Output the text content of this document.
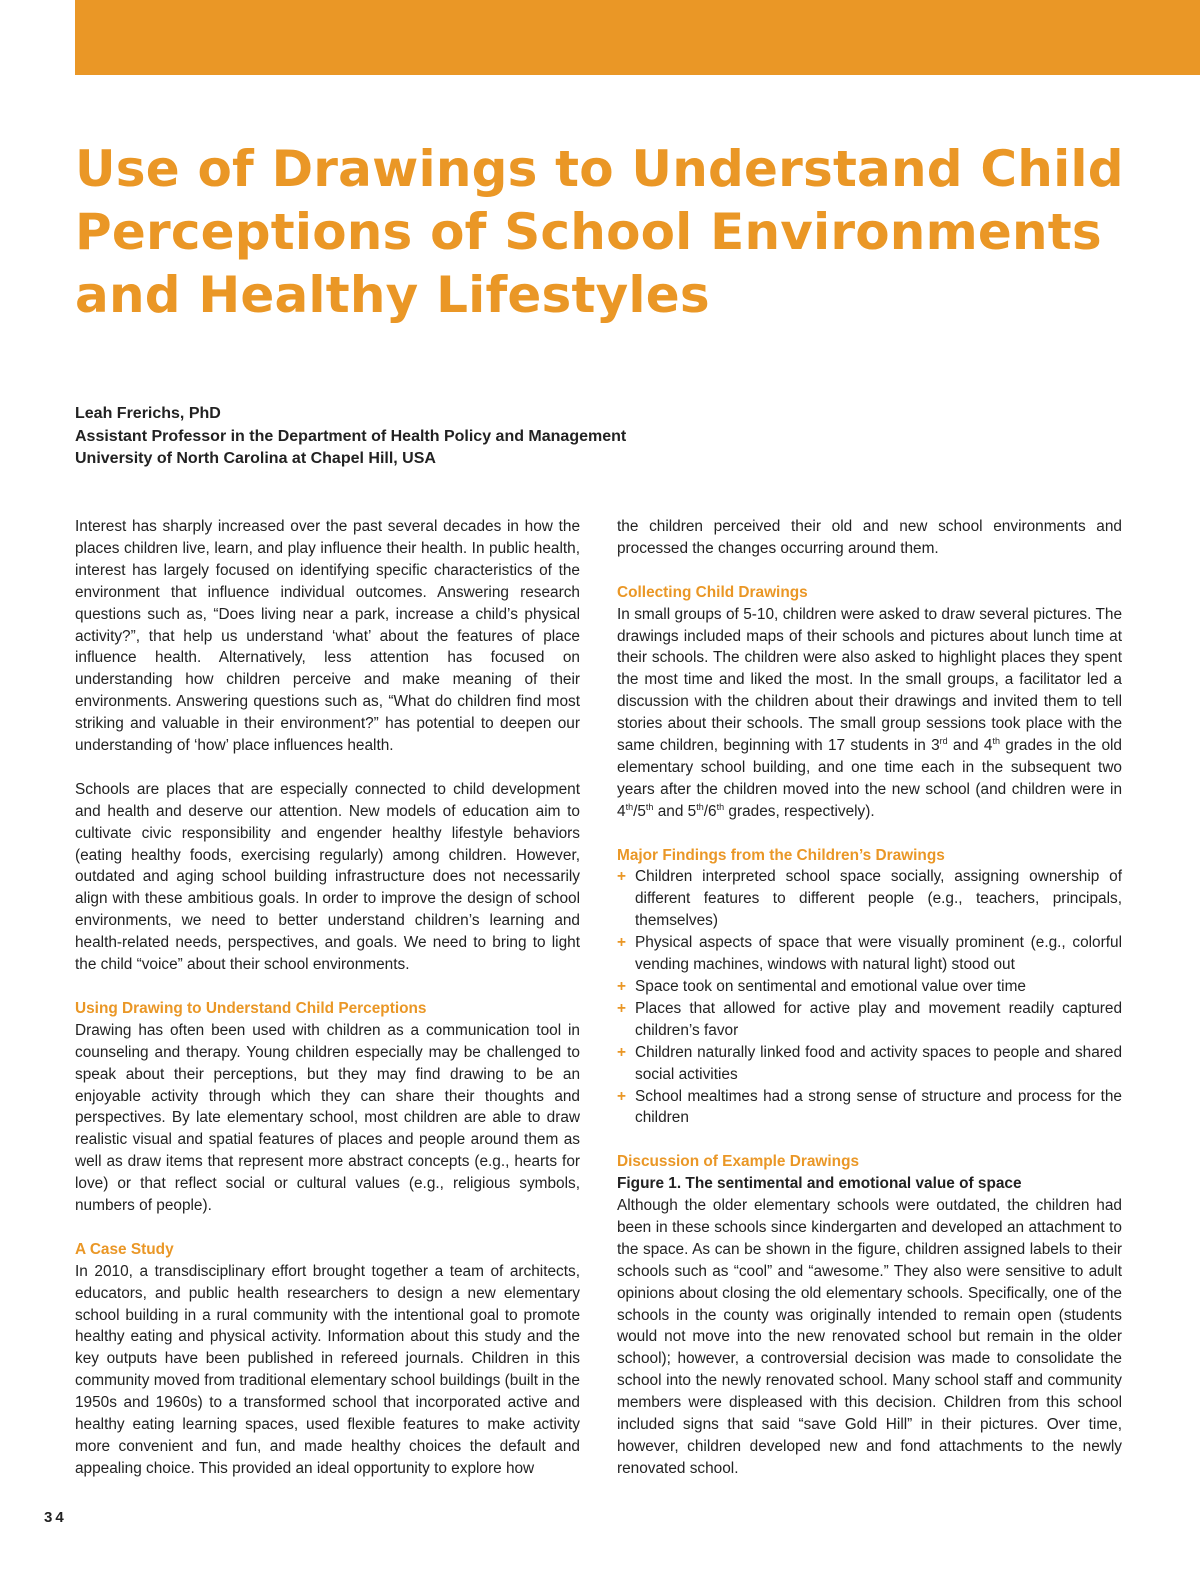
Use of Drawings to Understand Child
Perceptions of School Environments
and Healthy Lifestyles
Leah Frerichs, PhD
Assistant Professor in the Department of Health Policy and Management
University of North Carolina at Chapel Hill, USA

Interest has sharply increased over the past several decades in how the places children live, learn, and play influence their health. In public health, interest has largely focused on identifying specific characteristics of the environment that influence individual outcomes. Answering research questions such as, “Does living near a park, increase a child’s physical activity?”, that help us understand ‘what’ about the features of place influence health. Alternatively, less attention has focused on understanding how children perceive and make meaning of their environments. Answering questions such as, “What do children find most striking and valuable in their environment?” has potential to deepen our understanding of ‘how’ place influences health.

Schools are places that are especially connected to child development and health and deserve our attention. New models of education aim to cultivate civic responsibility and engender healthy lifestyle behaviors (eating healthy foods, exercising regularly) among children. However, outdated and aging school building infrastructure does not necessarily align with these ambitious goals. In order to improve the design of school environments, we need to better understand children’s learning and health-related needs, perspectives, and goals. We need to bring to light the child “voice” about their school environments.

Using Drawing to Understand Child Perceptions

Drawing has often been used with children as a communication tool in counseling and therapy. Young children especially may be challenged to speak about their perceptions, but they may find drawing to be an enjoyable activity through which they can share their thoughts and perspectives. By late elementary school, most children are able to draw realistic visual and spatial features of places and people around them as well as draw items that represent more abstract concepts (e.g., hearts for love) or that reflect social or cultural values (e.g., religious symbols, numbers of people).

A Case Study

In 2010, a transdisciplinary effort brought together a team of architects, educators, and public health researchers to design a new elementary school building in a rural community with the intentional goal to promote healthy eating and physical activity. Information about this study and the key outputs have been published in refereed journals. Children in this community moved from traditional elementary school buildings (built in the 1950s and 1960s) to a transformed school that incorporated active and healthy eating learning spaces, used flexible features to make activity more convenient and fun, and made healthy choices the default and appealing choice. This provided an ideal opportunity to explore how

the children perceived their old and new school environments and processed the changes occurring around them.

Collecting Child Drawings

In small groups of 5-10, children were asked to draw several pictures. The drawings included maps of their schools and pictures about lunch time at their schools. The children were also asked to highlight places they spent the most time and liked the most. In the small groups, a facilitator led a discussion with the children about their drawings and invited them to tell stories about their schools. The small group sessions took place with the same children, beginning with 17 students in 3rd and 4th grades in the old elementary school building, and one time each in the subsequent two years after the children moved into the new school (and children were in 4th/5th and 5th/6th grades, respectively).

Major Findings from the Children’s Drawings
+ Children interpreted school space socially, assigning ownership of different features to different people (e.g., teachers, principals, themselves)
+ Physical aspects of space that were visually prominent (e.g., colorful vending machines, windows with natural light) stood out
+ Space took on sentimental and emotional value over time
+ Places that allowed for active play and movement readily captured children’s favor
+ Children naturally linked food and activity spaces to people and shared social activities
+ School mealtimes had a strong sense of structure and process for the children
Discussion of Example Drawings
Figure 1. The sentimental and emotional value of space

Although the older elementary schools were outdated, the children had been in these schools since kindergarten and developed an attachment to the space. As can be shown in the figure, children assigned labels to their schools such as “cool” and “awesome.” They also were sensitive to adult opinions about closing the old elementary schools. Specifically, one of the schools in the county was originally intended to remain open (students would not move into the new renovated school but remain in the older school); however, a controversial decision was made to consolidate the school into the newly renovated school. Many school staff and community members were displeased with this decision. Children from this school included signs that said “save Gold Hill” in their pictures. Over time, however, children developed new and fond attachments to the newly renovated school.

34
